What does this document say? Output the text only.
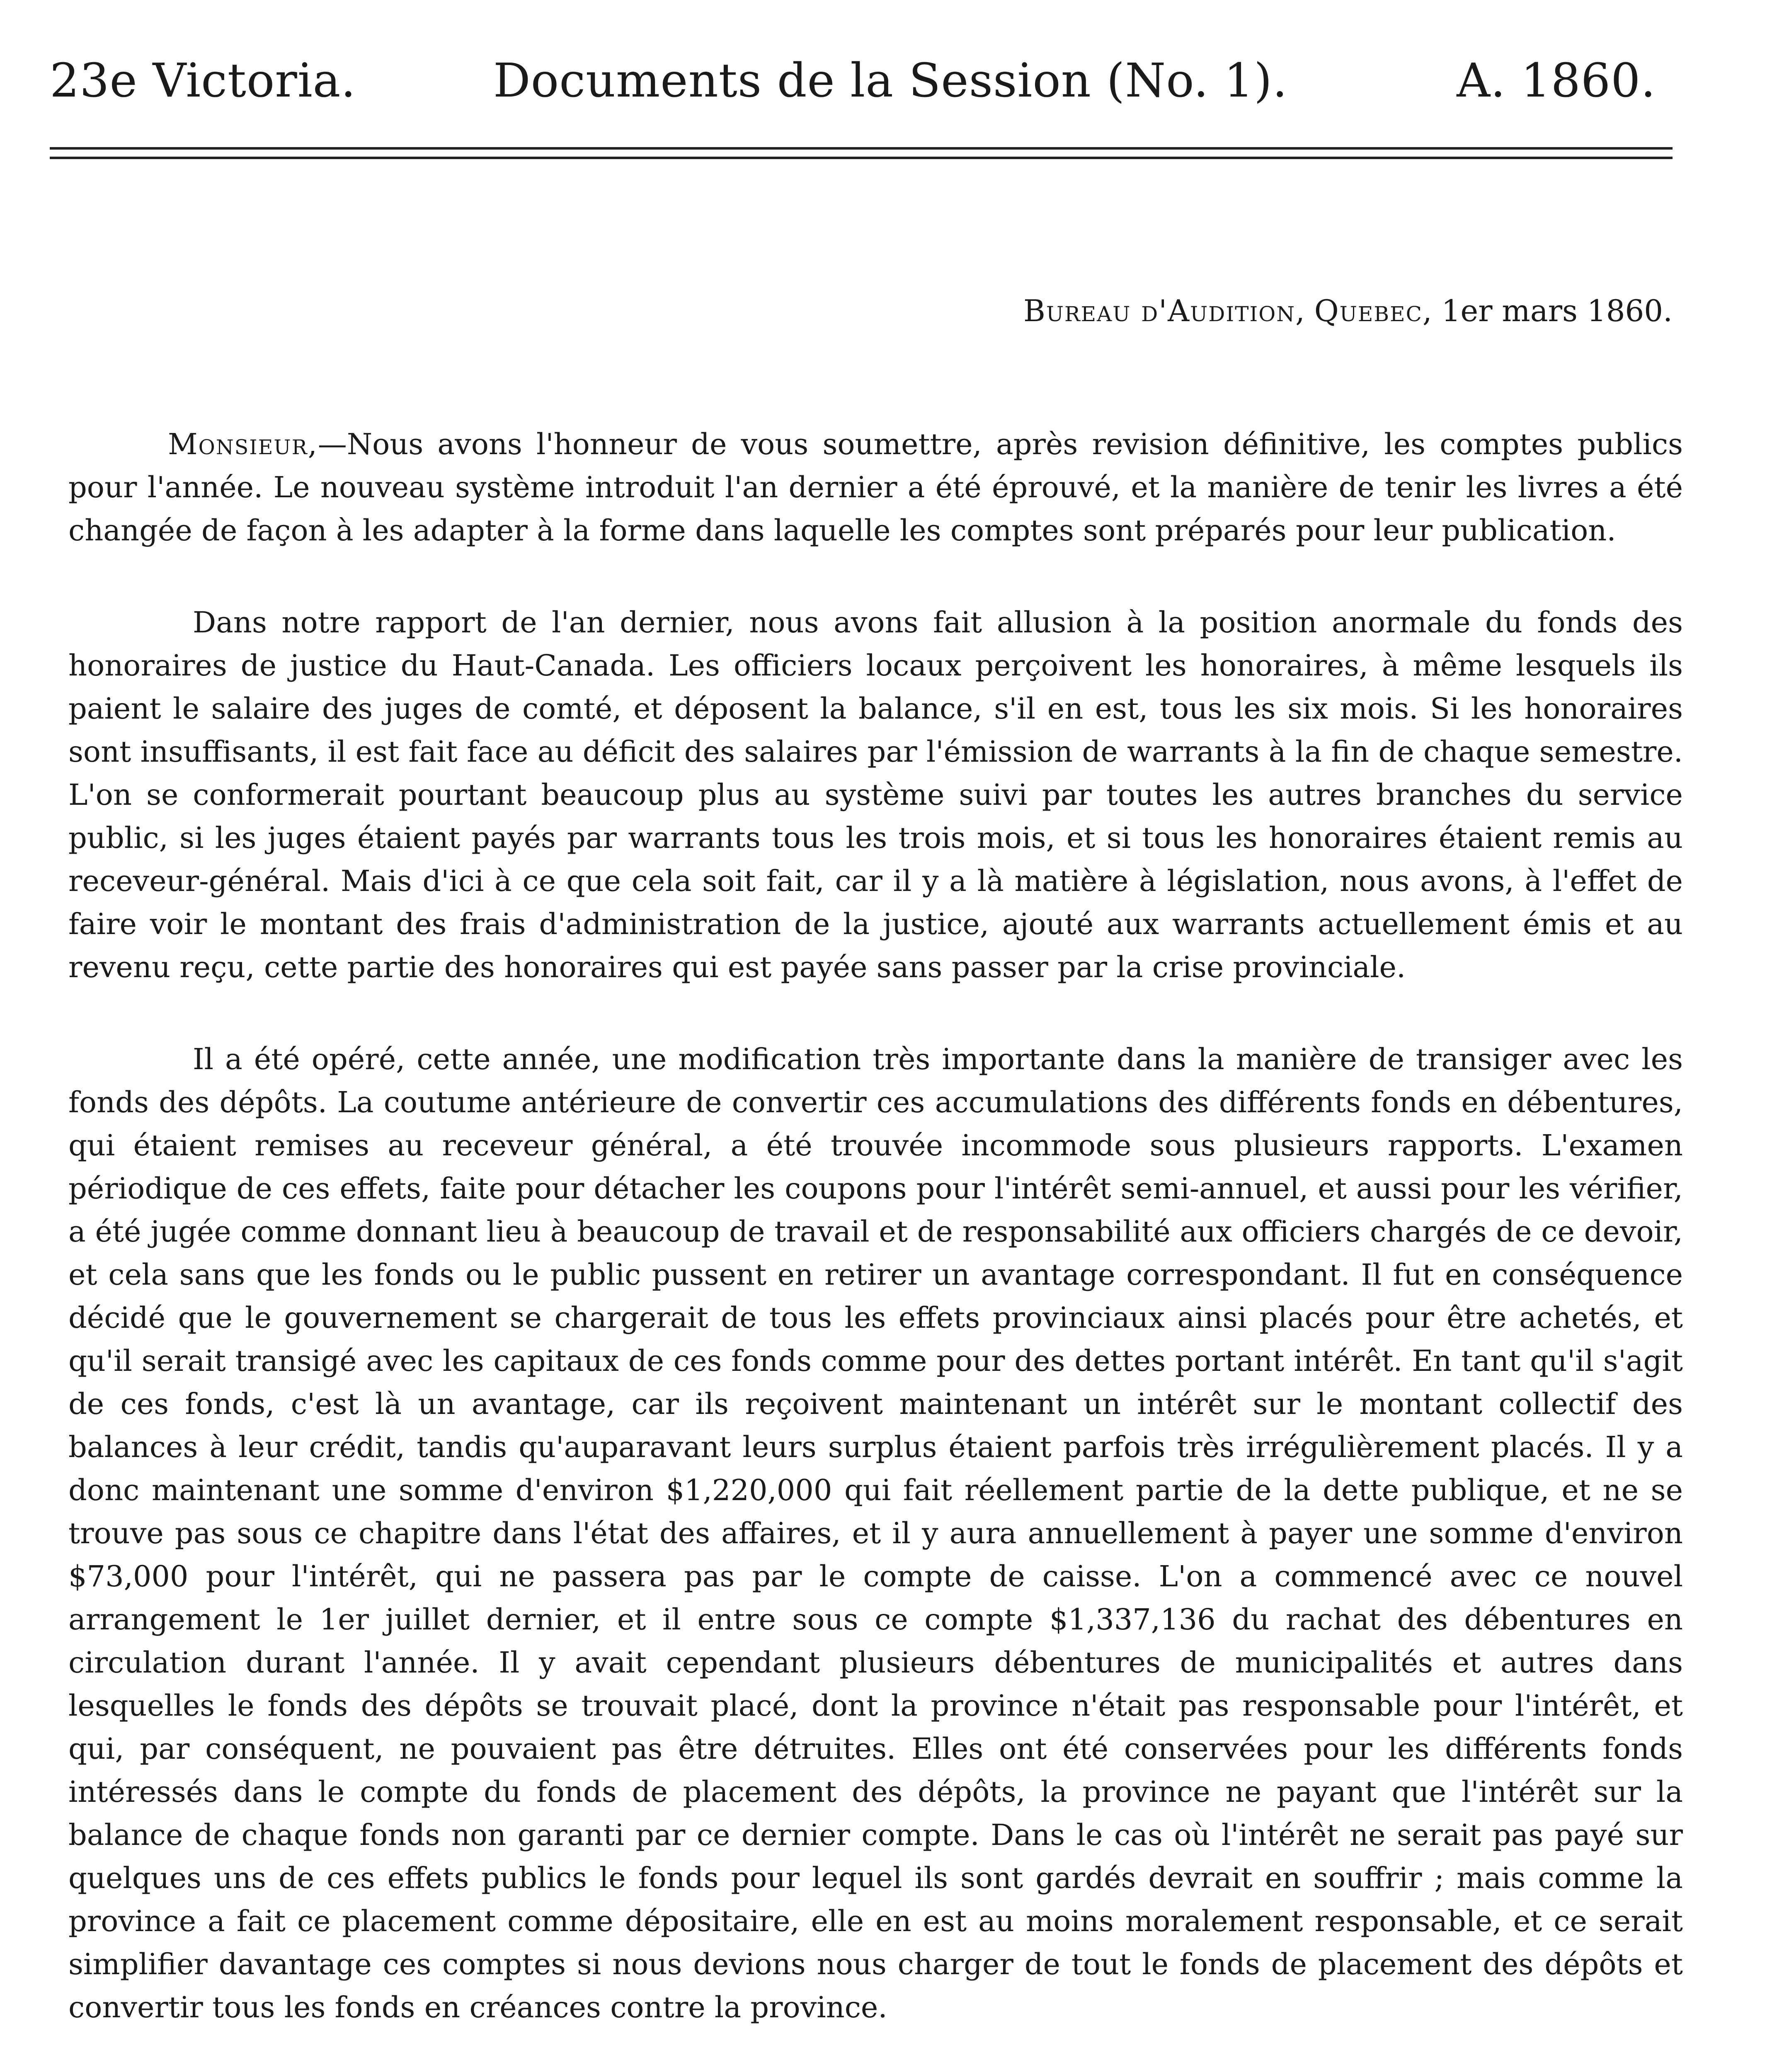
23e Victoria.	Documents de la Session (No. 1).	A. 1860.
Bureau d'Audition, Quebec, 1er mars 1860.

Monsieur,—Nous avons l'honneur de vous soumettre, après revision définitive, les comptes publics pour l'année. Le nouveau système introduit l'an dernier a été éprouvé, et la manière de tenir les livres a été changée de façon à les adapter à la forme dans laquelle les comptes sont préparés pour leur publication.

Dans notre rapport de l'an dernier, nous avons fait allusion à la position anormale du fonds des honoraires de justice du Haut-Canada. Les officiers locaux perçoivent les honoraires, à même lesquels ils paient le salaire des juges de comté, et déposent la balance, s'il en est, tous les six mois. Si les honoraires sont insuffisants, il est fait face au déficit des salaires par l'émission de warrants à la fin de chaque semestre. L'on se conformerait pourtant beaucoup plus au système suivi par toutes les autres branches du service public, si les juges étaient payés par warrants tous les trois mois, et si tous les honoraires étaient remis au receveur-général. Mais d'ici à ce que cela soit fait, car il y a là matière à législation, nous avons, à l'effet de faire voir le montant des frais d'administration de la justice, ajouté aux warrants actuellement émis et au revenu reçu, cette partie des honoraires qui est payée sans passer par la crise provinciale.

Il a été opéré, cette année, une modification très importante dans la manière de transiger avec les fonds des dépôts. La coutume antérieure de convertir ces accumulations des différents fonds en débentures, qui étaient remises au receveur général, a été trouvée incommode sous plusieurs rapports. L'examen périodique de ces effets, faite pour détacher les coupons pour l'intérêt semi-annuel, et aussi pour les vérifier, a été jugée comme donnant lieu à beaucoup de travail et de responsabilité aux officiers chargés de ce devoir, et cela sans que les fonds ou le public pussent en retirer un avantage correspondant. Il fut en conséquence décidé que le gouvernement se chargerait de tous les effets provinciaux ainsi placés pour être achetés, et qu'il serait transigé avec les capitaux de ces fonds comme pour des dettes portant intérêt. En tant qu'il s'agit de ces fonds, c'est là un avantage, car ils reçoivent maintenant un intérêt sur le montant collectif des balances à leur crédit, tandis qu'auparavant leurs surplus étaient parfois très irrégulièrement placés. Il y a donc maintenant une somme d'environ $1,220,000 qui fait réellement partie de la dette publique, et ne se trouve pas sous ce chapitre dans l'état des affaires, et il y aura annuellement à payer une somme d'environ $73,000 pour l'intérêt, qui ne passera pas par le compte de caisse. L'on a commencé avec ce nouvel arrangement le 1er juillet dernier, et il entre sous ce compte $1,337,136 du rachat des débentures en circulation durant l'année. Il y avait cependant plusieurs débentures de municipalités et autres dans lesquelles le fonds des dépôts se trouvait placé, dont la province n'était pas responsable pour l'intérêt, et qui, par conséquent, ne pouvaient pas être détruites. Elles ont été conservées pour les différents fonds intéressés dans le compte du fonds de placement des dépôts, la province ne payant que l'intérêt sur la balance de chaque fonds non garanti par ce dernier compte. Dans le cas où l'intérêt ne serait pas payé sur quelques uns de ces effets publics le fonds pour lequel ils sont gardés devrait en souffrir ; mais comme la province a fait ce placement comme dépositaire, elle en est au moins moralement responsable, et ce serait simplifier davantage ces comptes si nous devions nous charger de tout le fonds de placement des dépôts et convertir tous les fonds en créances contre la province.
